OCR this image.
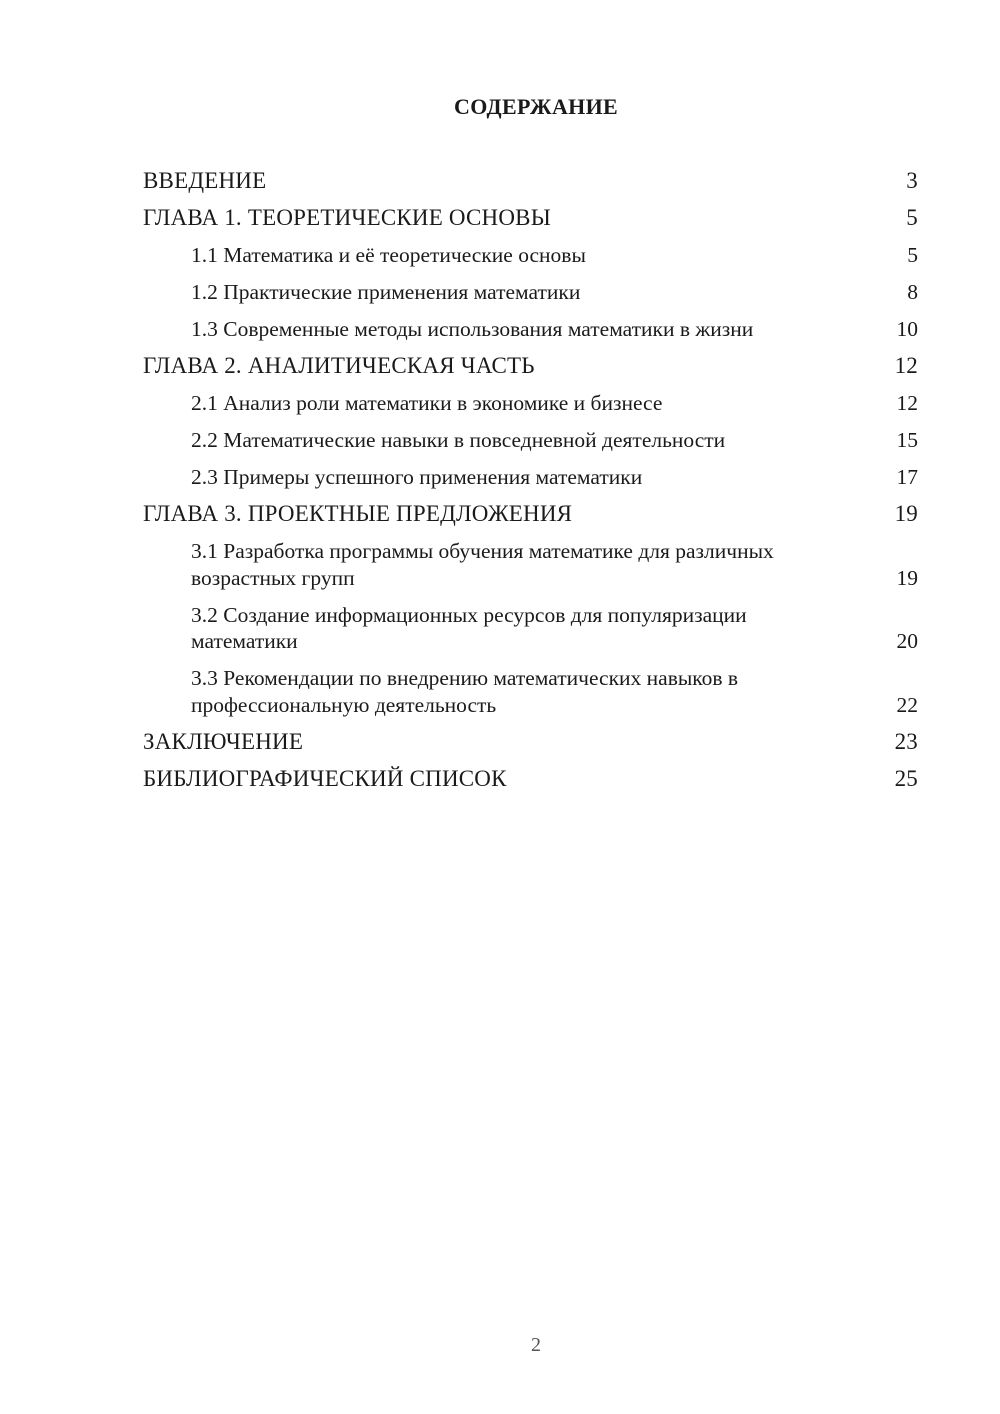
СОДЕРЖАНИЕ
ВВЕДЕНИЕ	3
ГЛАВА 1. ТЕОРЕТИЧЕСКИЕ ОСНОВЫ	5
1.1 Математика и её теоретические основы	5
1.2 Практические применения математики	8
1.3 Современные методы использования математики в жизни	10
ГЛАВА 2. АНАЛИТИЧЕСКАЯ ЧАСТЬ	12
2.1 Анализ роли математики в экономике и бизнесе	12
2.2 Математические навыки в повседневной деятельности	15
2.3 Примеры успешного применения математики	17
ГЛАВА 3. ПРОЕКТНЫЕ ПРЕДЛОЖЕНИЯ	19
3.1 Разработка программы обучения математике для различных возрастных групп	19
3.2 Создание информационных ресурсов для популяризации математики	20
3.3 Рекомендации по внедрению математических навыков в профессиональную деятельность	22
ЗАКЛЮЧЕНИЕ	23
БИБЛИОГРАФИЧЕСКИЙ СПИСОК	25
2
